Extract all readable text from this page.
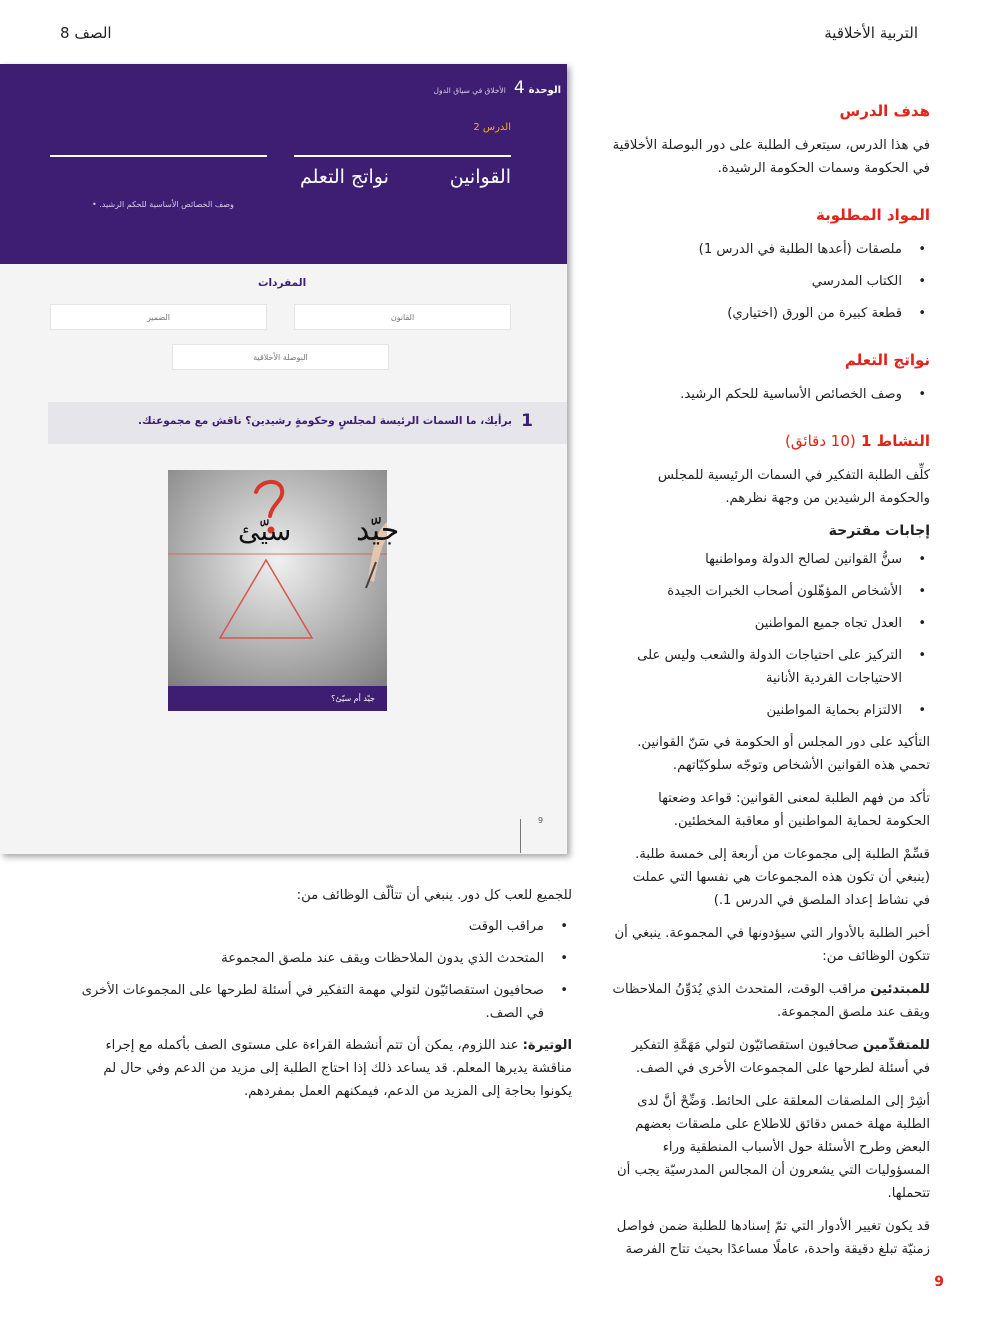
التربية الأخلاقية
الصف 8
هدف الدرس

في هذا الدرس، سيتعرف الطلبة على دور البوصلة الأخلاقية في الحكومة وسمات الحكومة الرشيدة.

المواد المطلوبة
• ملصقات (أعدها الطلبة في الدرس 1)
• الكتاب المدرسي
• قطعة كبيرة من الورق (اختياري)
نواتج التعلم
• وصف الخصائص الأساسية للحكم الرشيد.
النشاط 1 (10 دقائق)

كلِّف الطلبة التفكير في السمات الرئيسية للمجلس والحكومة الرشيدين من وجهة نظرهم.

إجابات مقترحة
• سنُّ القوانين لصالح الدولة ومواطنيها
• الأشخاص المؤهّلون أصحاب الخبرات الجيدة
• العدل تجاه جميع المواطنين
• التركيز على احتياجات الدولة والشعب وليس على الاحتياجات الفردية الأنانية
• الالتزام بحماية المواطنين

التأكيد على دور المجلس أو الحكومة في سَنّ القوانين. تحمي هذه القوانين الأشخاص وتوجّه سلوكيّاتهم.

تأكد من فهم الطلبة لمعنى القوانين: قواعد وضعتها الحكومة لحماية المواطنين أو معاقبة المخطئين.

قسِّمْ الطلبة إلى مجموعات من أربعة إلى خمسة طلبة. (ينبغي أن تكون هذه المجموعات هي نفسها التي عملت في نشاط إعداد الملصق في الدرس 1.)

أخبر الطلبة بالأدوار التي سيؤدونها في المجموعة. ينبغي أن تتكون الوظائف من:

للمبتدئين مراقب الوقت، المتحدث الذي يُدَوِّنُ الملاحظات ويقف عند ملصق المجموعة.

للمتقدِّمين صحافيون استقصائيّون لتولي مَهَمَّةِ التفكير في أسئلة لطرحها على المجموعات الأخرى في الصف.

أشِرْ إلى الملصقات المعلقة على الحائط. وَضِّحْ أنَّ لدى الطلبة مهلة خمس دقائق للاطلاع على ملصقات بعضهم البعض وطرح الأسئلة حول الأسباب المنطقية وراء المسؤوليات التي يشعرون أن المجالس المدرسيّة يجب أن تتحملها.

قد يكون تغيير الأدوار التي تمّ إسنادها للطلبة ضمن فواصل زمنيّة تبلغ دقيقة واحدة، عاملًا مساعدًا بحيث تتاح الفرصة

الوحدة
4
الأخلاق في سياق الدول
الدرس 2
القوانين
نواتج التعلم
وصف الخصائص الأساسية للحكم الرشيد. •
المفردات
القانون
الضمير
البوصلة الأخلاقية
1
برأيك، ما السمات الرئيسة لمجلسٍ وحكومةٍ رشيدين؟ ناقش مع مجموعتك.
جيّد
سيّئ
جيّد أم سيّئ؟
9

للجميع للعب كل دور. ينبغي أن تتألّف الوظائف من:

• مراقب الوقت
• المتحدث الذي يدون الملاحظات ويقف عند ملصق المجموعة
• صحافيون استقصائيّون لتولي مهمة التفكير في أسئلة لطرحها على المجموعات الأخرى في الصف.

الوتيرة: عند اللزوم، يمكن أن تتم أنشطة القراءة على مستوى الصف بأكمله مع إجراء مناقشة يديرها المعلم. قد يساعد ذلك إذا احتاج الطلبة إلى مزيد من الدعم وفي حال لم يكونوا بحاجة إلى المزيد من الدعم، فيمكنهم العمل بمفردهم.

9
